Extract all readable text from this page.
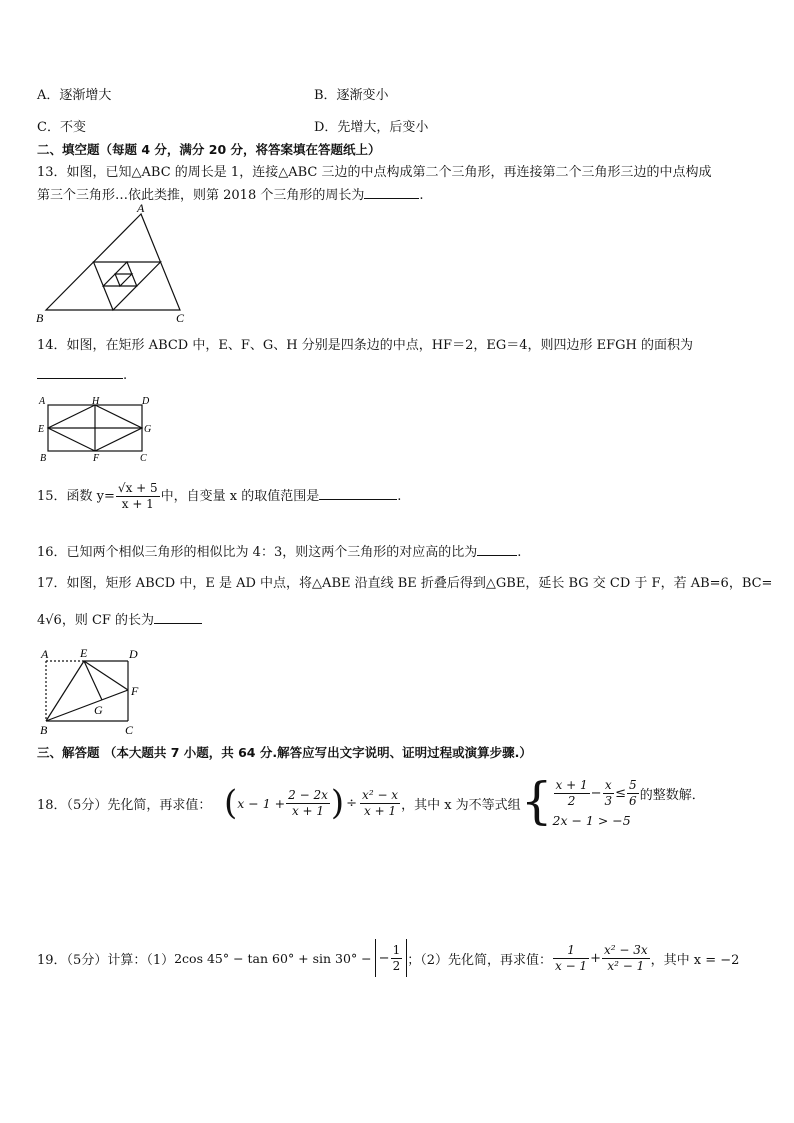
A．逐渐增大	B．逐渐变小
C．不变	D．先增大，后变小
二、填空题（每题 4 分，满分 20 分，将答案填在答题纸上）
13．如图，已知△ABC 的周长是 1，连接△ABC 三边的中点构成第二个三角形，再连接第二个三角形三边的中点构成
第三个三角形…依此类推，则第 2018 个三角形的周长为	.
A
B	C
14．如图，在矩形 ABCD 中，E、F、G、H 分别是四条边的中点，HF＝2，EG＝4，则四边形 EFGH 的面积为
.
A	H	D
E	G
B	F	C
15．函数 $y= \frac{√x + 5}{x + 1}$ 中，自变量 x 的取值范围是	.
16．已知两个相似三角形的相似比为 4：3，则这两个三角形的对应高的比为	.
17．如图，矩形 ABCD 中，E 是 AD 中点，将△ABE 沿直线 BE 折叠后得到△GBE，延长 BG 交 CD 于 F，若 AB=6，BC=
4√6，则 CF 的长为
A	E	D
F
G
B	C
三、解答题 （本大题共 7 小题，共 64 分.解答应写出文字说明、证明过程或演算步骤.）
18．（5分）先化简，再求值： ( $x - 1 + \frac{2 - 2x}{x + 1}$ ) ÷ $\frac{\text{x² − x}}{x + 1}$ ，其中 x 为不等式组 { $\frac{x + 1}{2} - \frac{x}{3} \le \frac{5}{6}$ 的整数解．
2x − 1 > −5
19．（5分）计算：（1） 2cos 45° − tan 60° + sin 30° − − $\frac{1}{2}$ ；（2）先化简，再求值： $\frac{1}{x - 1} + \frac{\text{x² − 3x}}{\text{x² − 1}}$ ，其中 x = −2
